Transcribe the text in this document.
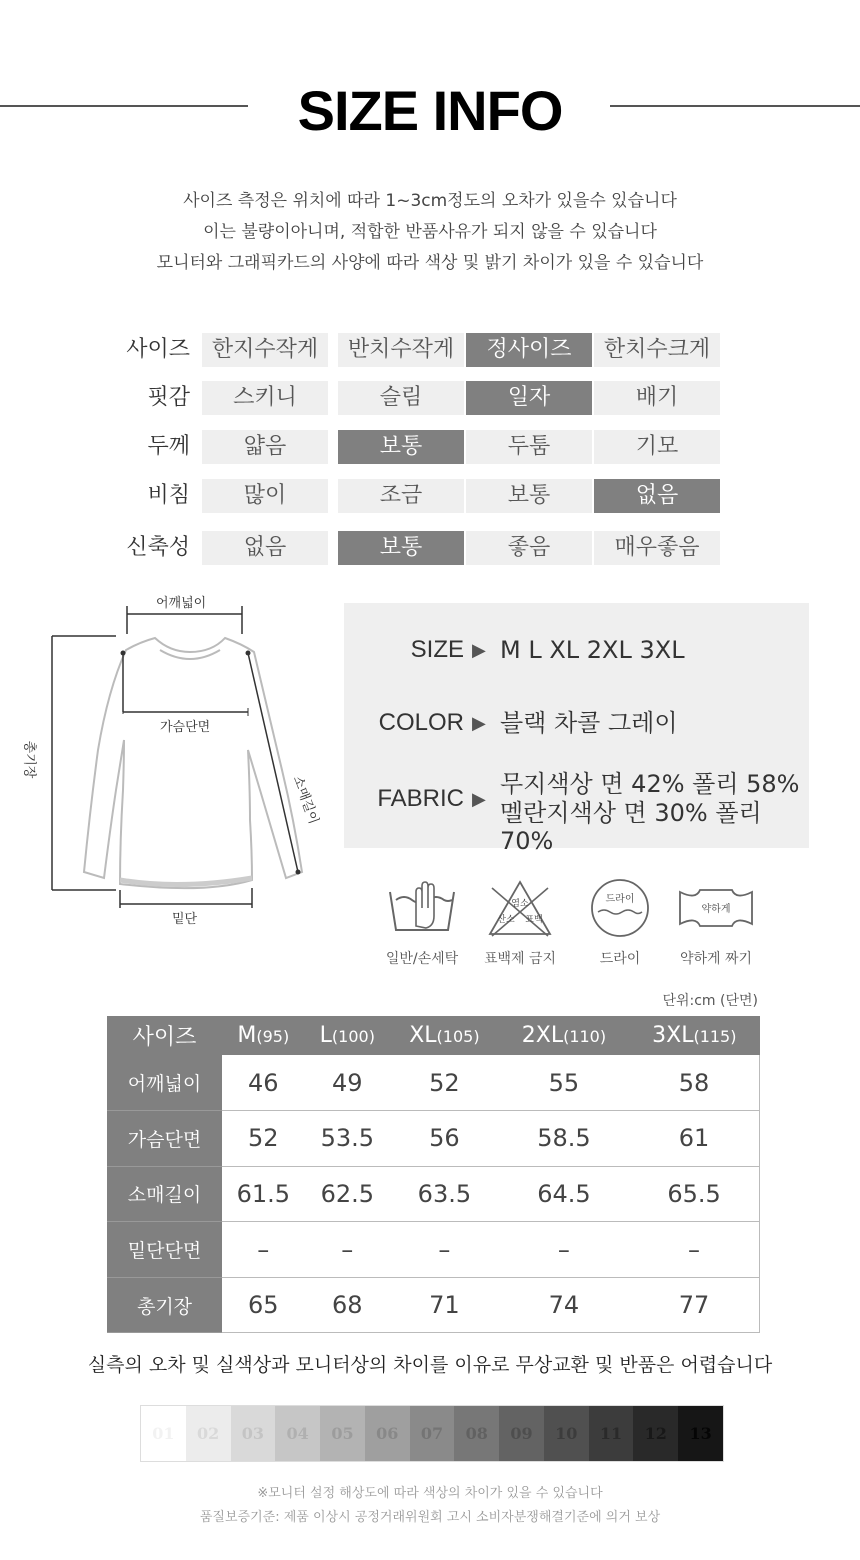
SIZE INFO
사이즈 측정은 위치에 따라 1~3cm정도의 오차가 있을수 있습니다
이는 불량이아니며, 적합한 반품사유가 되지 않을 수 있습니다
모니터와 그래픽카드의 사양에 따라 색상 및 밝기 차이가 있을 수 있습니다
사이즈 한지수작게	반치수작게	정사이즈	한치수크게
핏감	스키니	슬림	일자	배기
두께	얇음	보통	두툼	기모
비침	많이	조금	보통	없음
신축성	없음	보통	좋음	매우좋음
어깨넓이
가슴단면
총기장
소매길이
밑단
SIZE ▶ M L XL 2XL 3XL
COLOR ▶ 블랙 차콜 그레이
FABRIC ▶
무지색상 면 42% 폴리 58%
멜란지색상 면 30% 폴리 70%
일반/손세탁
염소
산소 표백
표백제 금지
드라이
드라이
약하게
약하게 짜기
단위:cm (단면)
사이즈	M(95)	L(100)	XL(105)	2XL(110)	3XL(115)
어깨넓이	46	49	52	55	58
가슴단면	52	53.5	56	58.5	61
소매길이	61.5	62.5	63.5	64.5	65.5
밑단단면	–	–	–	–	–
총기장	65	68	71	74	77
실측의 오차 및 실색상과 모니터상의 차이를 이유로 무상교환 및 반품은 어렵습니다
01	02	03	04	05	06	07	08	09	10	11	12	13
※모니터 설정 해상도에 따라 색상의 차이가 있을 수 있습니다
품질보증기준: 제품 이상시 공정거래위원회 고시 소비자분쟁해결기준에 의거 보상
